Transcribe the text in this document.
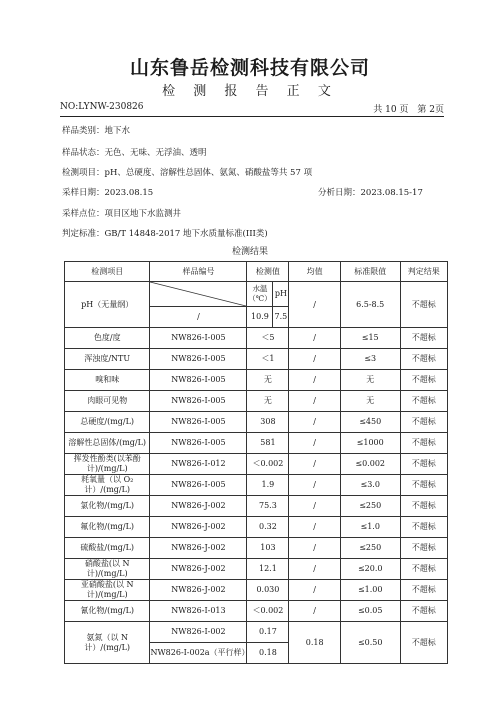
山东鲁岳检测科技有限公司
检 测 报 告 正 文
NO:LYNW-230826	共 10 页　第 2页
样品类别：地下水
样品状态：无色、无味、无浮油、透明
检测项目：pH、总硬度、溶解性总固体、氨氮、硝酸盐等共 57 项
采样日期：2023.08.15	分析日期：2023.08.15-17
采样点位：项目区地下水监测井
判定标准：GB/T 14848-2017 地下水质量标准(III类)
检测结果
检测项目	样品编号	检测值		均值	标准限值	判定结果
pH（无量纲）		水温（℃）	pH	/	6.5-8.5	不超标
	/	10.9	7.5			
色度/度	NW826-I-005	＜5		/	≤15	不超标
浑浊度/NTU	NW826-I-005	＜1		/	≤3	不超标
嗅和味	NW826-I-005	无		/	无	不超标
肉眼可见物	NW826-I-005	无		/	无	不超标
总硬度/(mg/L)	NW826-I-005	308		/	≤450	不超标
溶解性总固体/(mg/L)	NW826-I-005	581		/	≤1000	不超标
挥发性酚类(以苯酚计)/(mg/L)	NW826-I-012	＜0.002		/	≤0.002	不超标
耗氧量（以 O₂计）/(mg/L)	NW826-I-005	1.9		/	≤3.0	不超标
氯化物/(mg/L)	NW826-J-002	75.3		/	≤250	不超标
氟化物/(mg/L)	NW826-J-002	0.32		/	≤1.0	不超标
硫酸盐/(mg/L)	NW826-J-002	103		/	≤250	不超标
硝酸盐(以 N 计)/(mg/L)	NW826-J-002	12.1		/	≤20.0	不超标
亚硝酸盐(以 N 计)/(mg/L)	NW826-J-002	0.030		/	≤1.00	不超标
氰化物/(mg/L)	NW826-I-013	＜0.002		/	≤0.05	不超标
氨氮（以 N 计）/(mg/L)	NW826-I-002	0.17		0.18	≤0.50	不超标
	NW826-I-002a（平行样）	0.18				
